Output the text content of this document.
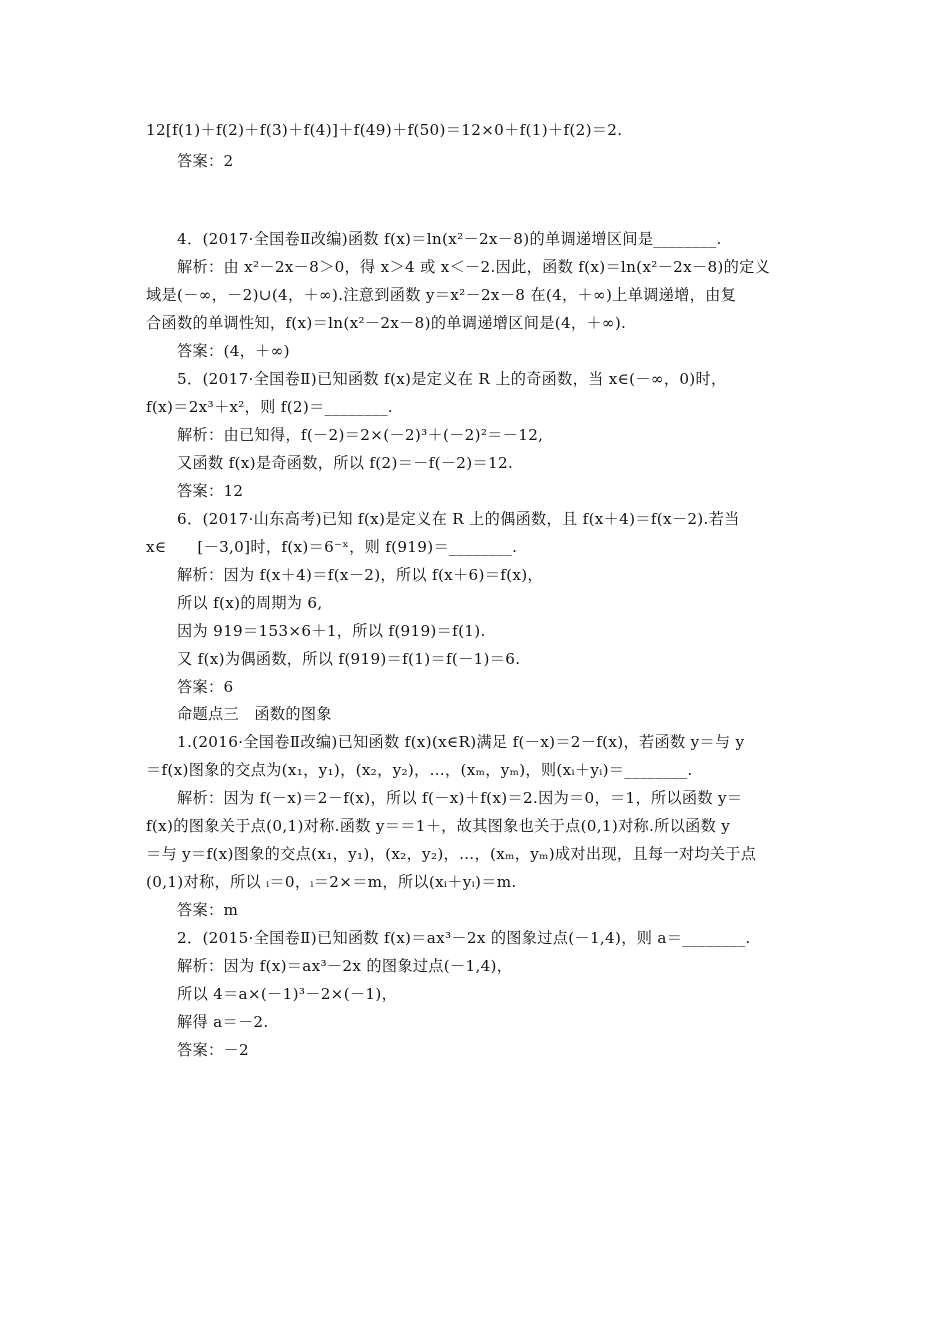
12[f(1)＋f(2)＋f(3)＋f(4)]＋f(49)＋f(50)＝12×0＋f(1)＋f(2)＝2.
答案：2
4．(2017·全国卷Ⅱ改编)函数 f(x)＝ln(x²－2x－8)的单调递增区间是________.
解析：由 x²－2x－8＞0，得 x＞4 或 x＜－2.因此，函数 f(x)＝ln(x²－2x－8)的定义
域是(－∞，－2)∪(4，＋∞).注意到函数 y＝x²－2x－8 在(4，＋∞)上单调递增，由复
合函数的单调性知，f(x)＝ln(x²－2x－8)的单调递增区间是(4，＋∞).
答案：(4，＋∞)
5．(2017·全国卷Ⅱ)已知函数 f(x)是定义在 R 上的奇函数，当 x∈(－∞，0)时，
f(x)＝2x³＋x²，则 f(2)＝________.
解析：由已知得，f(－2)＝2×(－2)³＋(－2)²＝－12,
又函数 f(x)是奇函数，所以 f(2)＝－f(－2)＝12.
答案：12
6．(2017·山东高考)已知 f(x)是定义在 R 上的偶函数，且 f(x＋4)＝f(x－2).若当
x∈　　[－3,0]时，f(x)＝6⁻ˣ，则 f(919)＝________.
解析：因为 f(x＋4)＝f(x－2)，所以 f(x＋6)＝f(x)，
所以 f(x)的周期为 6,
因为 919＝153×6＋1，所以 f(919)＝f(1).
又 f(x)为偶函数，所以 f(919)＝f(1)＝f(－1)＝6.
答案：6
命题点三　函数的图象
1.(2016·全国卷Ⅱ改编)已知函数 f(x)(x∈R)满足 f(－x)＝2－f(x)，若函数 y＝与 y
＝f(x)图象的交点为(x₁，y₁)，(x₂，y₂)，…，(xₘ，yₘ)，则(xᵢ＋yᵢ)＝________.
解析：因为 f(－x)＝2－f(x)，所以 f(－x)＋f(x)＝2.因为＝0，＝1，所以函数 y＝
f(x)的图象关于点(0,1)对称.函数 y＝＝1＋，故其图象也关于点(0,1)对称.所以函数 y
＝与 y＝f(x)图象的交点(x₁，y₁)，(x₂，y₂)，…，(xₘ，yₘ)成对出现，且每一对均关于点
(0,1)对称，所以 ᵢ＝0，ᵢ＝2×＝m，所以(xᵢ＋yᵢ)＝m.
答案：m
2．(2015·全国卷Ⅱ)已知函数 f(x)＝ax³－2x 的图象过点(－1,4)，则 a＝________.
解析：因为 f(x)＝ax³－2x 的图象过点(－1,4)，
所以 4＝a×(－1)³－2×(－1)，
解得 a＝－2.
答案：－2
